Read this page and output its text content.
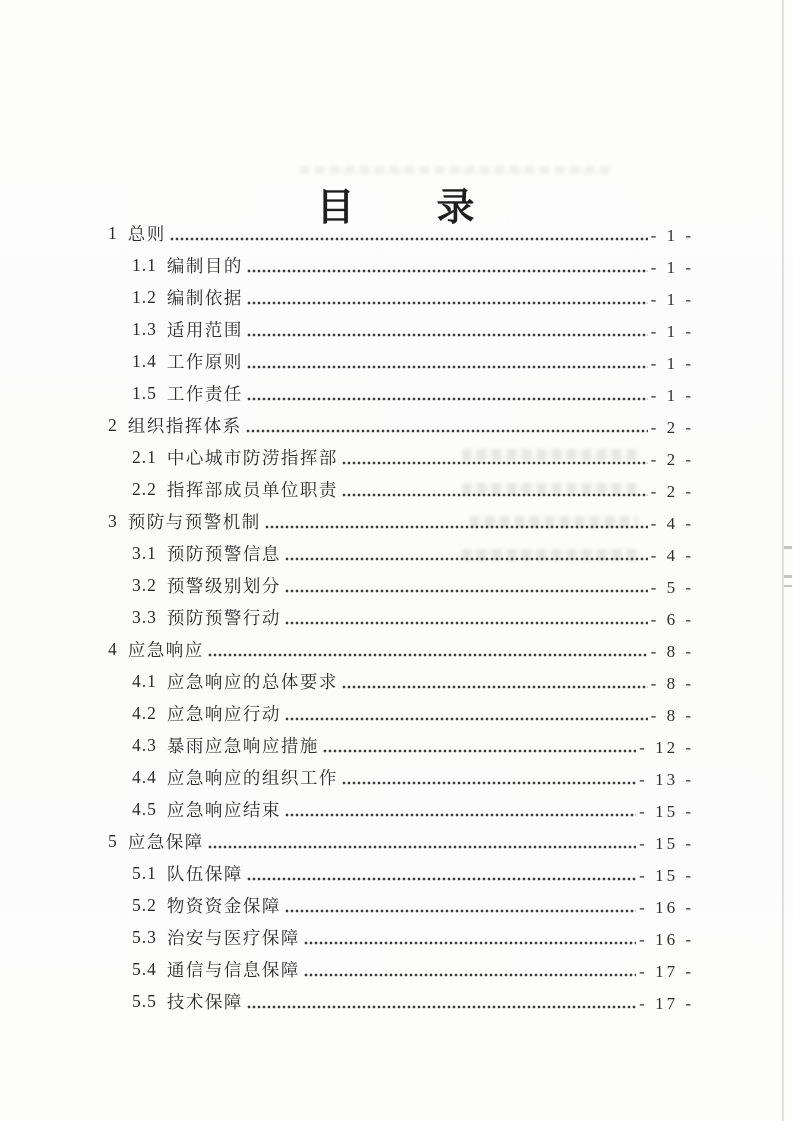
目　　录
1 总则	- 1 -
1.1 编制目的	- 1 -
1.2 编制依据	- 1 -
1.3 适用范围	- 1 -
1.4 工作原则	- 1 -
1.5 工作责任	- 1 -
2 组织指挥体系	- 2 -
2.1 中心城市防涝指挥部	- 2 -
2.2 指挥部成员单位职责	- 2 -
3 预防与预警机制	- 4 -
3.1 预防预警信息	- 4 -
3.2 预警级别划分	- 5 -
3.3 预防预警行动	- 6 -
4 应急响应	- 8 -
4.1 应急响应的总体要求	- 8 -
4.2 应急响应行动	- 8 -
4.3 暴雨应急响应措施	- 12 -
4.4 应急响应的组织工作	- 13 -
4.5 应急响应结束	- 15 -
5 应急保障	- 15 -
5.1 队伍保障	- 15 -
5.2 物资资金保障	- 16 -
5.3 治安与医疗保障	- 16 -
5.4 通信与信息保障	- 17 -
5.5 技术保障	- 17 -
